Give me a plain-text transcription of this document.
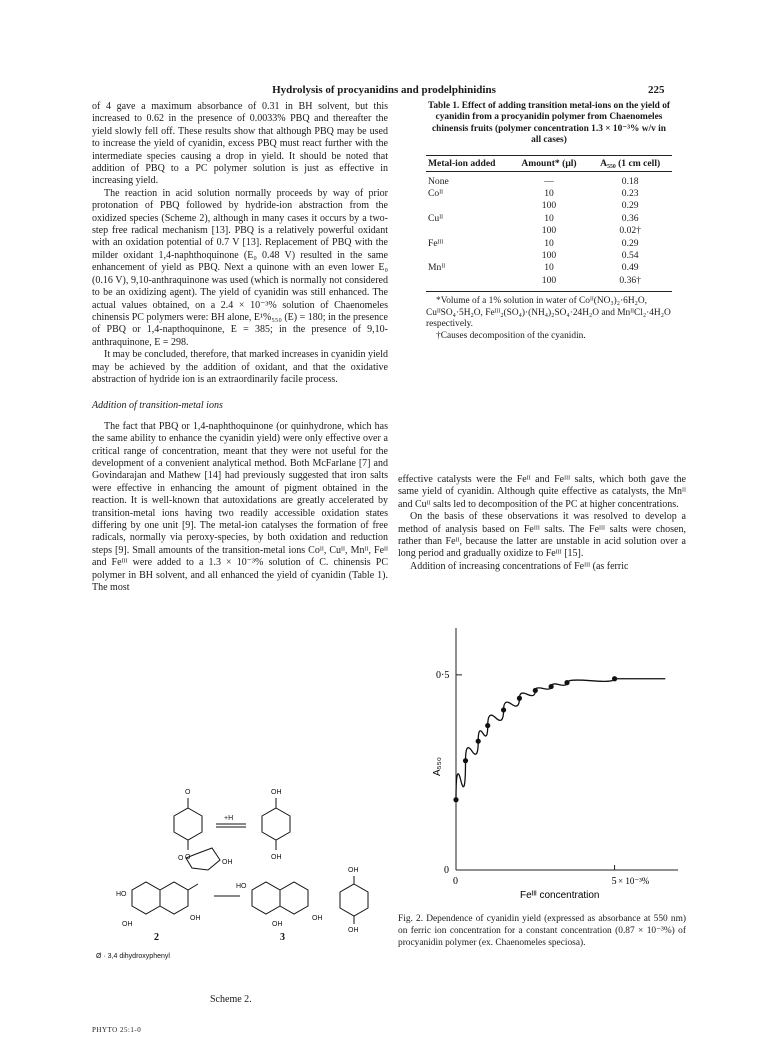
Hydrolysis of procyanidins and prodelphinidins	225

of 4 gave a maximum absorbance of 0.31 in BH solvent, but this increased to 0.62 in the presence of 0.0033% PBQ and thereafter the yield slowly fell off. These results show that although PBQ may be used to increase the yield of cyanidin, excess PBQ must react further with the intermediate species causing a drop in yield. It should be noted that addition of PBQ to a PC polymer solution is just as effective in increasing yield.

The reaction in acid solution normally proceeds by way of prior protonation of PBQ followed by hydride-ion abstraction from the oxidized species (Scheme 2), although in many cases it occurs by a two-step free radical mechanism [13]. PBQ is a relatively powerful oxidant with an oxidation potential of 0.7 V [13]. Replacement of PBQ with the milder oxidant 1,4-naphthoquinone (E₀ 0.48 V) resulted in the same enhancement of yield as PBQ. Next a quinone with an even lower E₀ (0.16 V), 9,10-anthraquinone was used (which is normally not considered to be an oxidizing agent). The yield of cyanidin was still enhanced. The actual values obtained, on a 2.4 × 10⁻³% solution of Chaenomeles chinensis PC polymers were: BH alone, E¹%₅₅₀ (E) = 180; in the presence of PBQ or 1,4-napthoquinone, E = 385; in the presence of 9,10-anthraquinone, E = 298.

It may be concluded, therefore, that marked increases in cyanidin yield may be achieved by the addition of oxidant, and that the oxidative abstraction of hydride ion is an extraordinarily facile process.

Addition of transition-metal ions

The fact that PBQ or 1,4-naphthoquinone (or quinhydrone, which has the same ability to enhance the cyanidin yield) were only effective over a critical range of concentration, meant that they were not useful for the development of a convenient analytical method. Both McFarlane [7] and Govindarajan and Mathew [14] had previously suggested that iron salts were effective in enhancing the amount of pigment obtained in the reaction. It is well-known that autoxidations are greatly accelerated by transition-metal ions having two readily accessible oxidation states differing by one unit [9]. The metal-ion catalyses the formation of free radicals, normally via peroxy-species, by both oxidation and reduction steps [9]. Small amounts of the transition-metal ions Coᴵᴵ, Cuᴵᴵ, Mnᴵᴵ, Feᴵᴵ and Feᴵᴵᴵ were added to a 1.3 × 10⁻³% solution of C. chinensis PC polymer in BH solvent, and all enhanced the yield of cyanidin (Table 1). The most

Table 1. Effect of adding transition metal-ions on the yield of cyanidin from a procyanidin polymer from Chaenomeles chinensis fruits (polymer concentration 1.3 × 10⁻³% w/v in all cases)
Metal-ion added	Amount* (μl)	A₅₅₀ (1 cm cell)

None	—	0.18
Coᴵᴵ	10	0.23
	100	0.29
Cuᴵᴵ	10	0.36
	100	0.02†
Feᴵᴵᴵ	10	0.29
	100	0.54
Mnᴵᴵ	10	0.49
	100	0.36†

*Volume of a 1% solution in water of Coᴵᴵ(NO₃)₂·6H₂O, CuᴵᴵSO₄·5H₂O, Feᴵᴵᴵ₂(SO₄)·(NH₄)₂SO₄·24H₂O and MnᴵᴵCl₂·4H₂O respectively.

†Causes decomposition of the cyanidin.

effective catalysts were the Feᴵᴵ and Feᴵᴵᴵ salts, which both gave the same yield of cyanidin. Although quite effective as catalysts, the Mnᴵᴵ and Cuᴵᴵ salts led to decomposition of the PC at higher concentrations.

On the basis of these observations it was resolved to develop a method of analysis based on Feᴵᴵᴵ salts. The Feᴵᴵᴵ salts were chosen, rather than Feᴵᴵ, because the latter are unstable in acid solution over a long period and gradually oxidize to Feᴵᴵᴵ [15].

Addition of increasing concentrations of Feᴵᴵᴵ (as ferric

0·5
0
0	5 × 10⁻³%
Feᴵᴵᴵ concentration
A₅₅₀
Fig. 2. Dependence of cyanidin yield (expressed as absorbance at 550 nm) on ferric ion concentration for a constant concentration (0.87 × 10⁻³%) of procyanidin polymer (ex. Chaenomeles speciosa).
O
O
+H
OH
OH
O
OH
HO
OH
OH
HO
OH
OH
OH
OH
2	3
Ø · 3,4 dihydroxyphenyl
Scheme 2.
PHYTO 25:1-0
